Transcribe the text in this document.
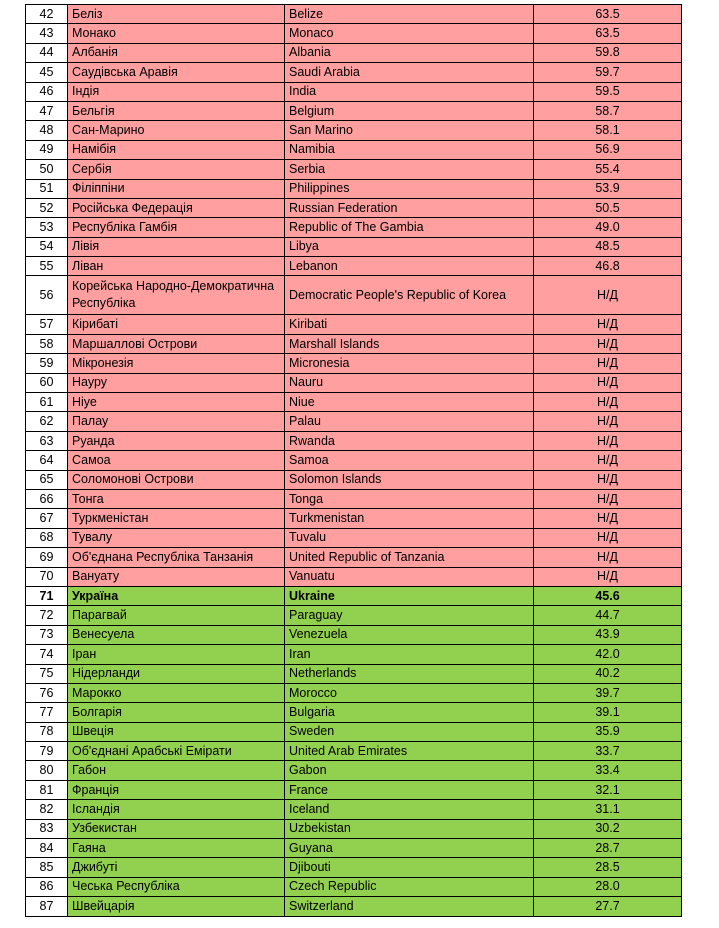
42	Беліз	Belize	63.5
43	Монако	Monaco	63.5
44	Албанія	Albania	59.8
45	Саудівська Аравія	Saudi Arabia	59.7
46	Індія	India	59.5
47	Бельгія	Belgium	58.7
48	Сан-Марино	San Marino	58.1
49	Намібія	Namibia	56.9
50	Сербія	Serbia	55.4
51	Філіппіни	Philippines	53.9
52	Російська Федерація	Russian Federation	50.5
53	Республіка Гамбія	Republic of The Gambia	49.0
54	Лівія	Libya	48.5
55	Ліван	Lebanon	46.8
56	Корейська Народно-Демократична Республіка	Democratic People's Republic of Korea	Н/Д
57	Кірибаті	Kiribati	Н/Д
58	Маршаллові Острови	Marshall Islands	Н/Д
59	Мікронезія	Micronesia	Н/Д
60	Науру	Nauru	Н/Д
61	Ніуе	Niue	Н/Д
62	Палау	Palau	Н/Д
63	Руанда	Rwanda	Н/Д
64	Самоа	Samoa	Н/Д
65	Соломонові Острови	Solomon Islands	Н/Д
66	Тонга	Tonga	Н/Д
67	Туркменістан	Turkmenistan	Н/Д
68	Тувалу	Tuvalu	Н/Д
69	Об'єднана Республіка Танзанія	United Republic of Tanzania	Н/Д
70	Вануату	Vanuatu	Н/Д
71	Україна	Ukraine	45.6
72	Парагвай	Paraguay	44.7
73	Венесуела	Venezuela	43.9
74	Іран	Iran	42.0
75	Нідерланди	Netherlands	40.2
76	Марокко	Morocco	39.7
77	Болгарія	Bulgaria	39.1
78	Швеція	Sweden	35.9
79	Об'єднані Арабські Емірати	United Arab Emirates	33.7
80	Габон	Gabon	33.4
81	Франція	France	32.1
82	Ісландія	Iceland	31.1
83	Узбекистан	Uzbekistan	30.2
84	Гаяна	Guyana	28.7
85	Джибуті	Djibouti	28.5
86	Чеська Республіка	Czech Republic	28.0
87	Швейцарія	Switzerland	27.7
